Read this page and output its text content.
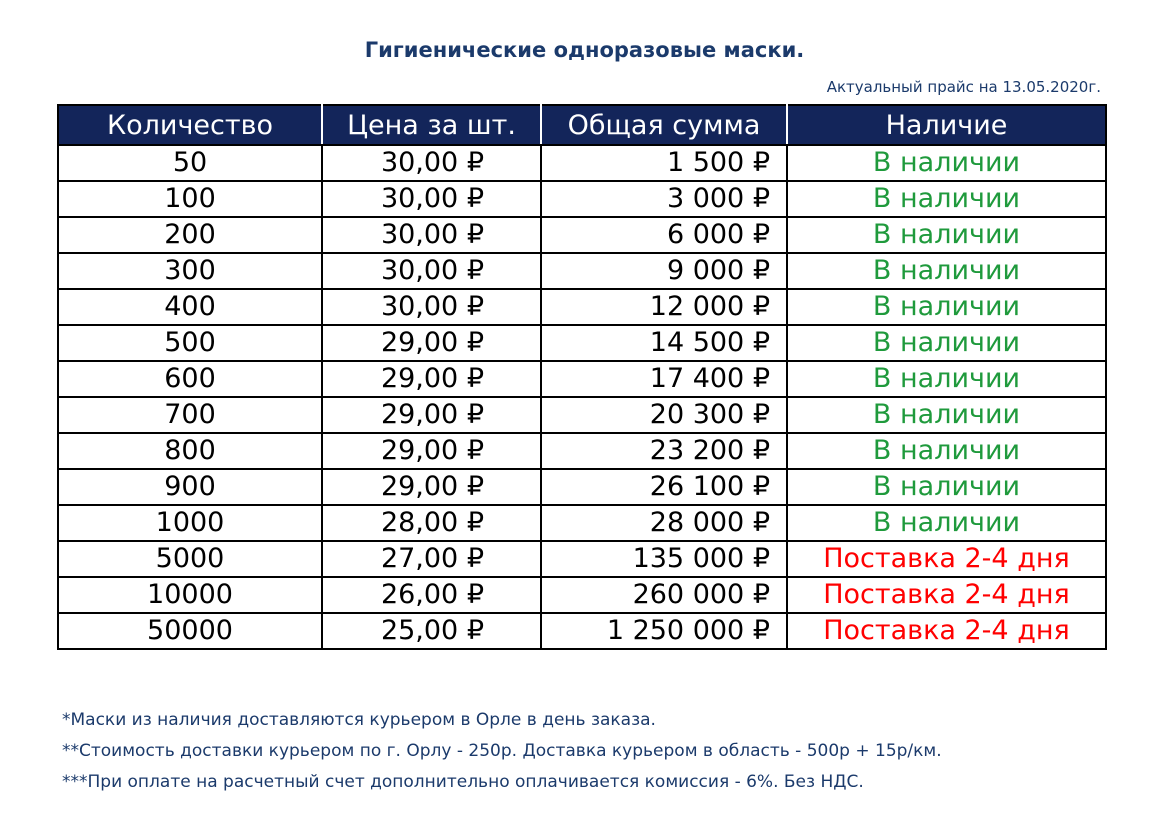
Гигиенические одноразовые маски.
Актуальный прайс на 13.05.2020г.
Количество	Цена за шт.	Общая сумма	Наличие
50	30,00 ₽	1 500 ₽	В наличии
100	30,00 ₽	3 000 ₽	В наличии
200	30,00 ₽	6 000 ₽	В наличии
300	30,00 ₽	9 000 ₽	В наличии
400	30,00 ₽	12 000 ₽	В наличии
500	29,00 ₽	14 500 ₽	В наличии
600	29,00 ₽	17 400 ₽	В наличии
700	29,00 ₽	20 300 ₽	В наличии
800	29,00 ₽	23 200 ₽	В наличии
900	29,00 ₽	26 100 ₽	В наличии
1000	28,00 ₽	28 000 ₽	В наличии
5000	27,00 ₽	135 000 ₽	Поставка 2-4 дня
10000	26,00 ₽	260 000 ₽	Поставка 2-4 дня
50000	25,00 ₽	1 250 000 ₽	Поставка 2-4 дня
*Маски из наличия доставляются курьером в Орле в день заказа.
**Стоимость доставки курьером по г. Орлу - 250р. Доставка курьером в область - 500р + 15р/км.
***При оплате на расчетный счет дополнительно оплачивается комиссия - 6%. Без НДС.
